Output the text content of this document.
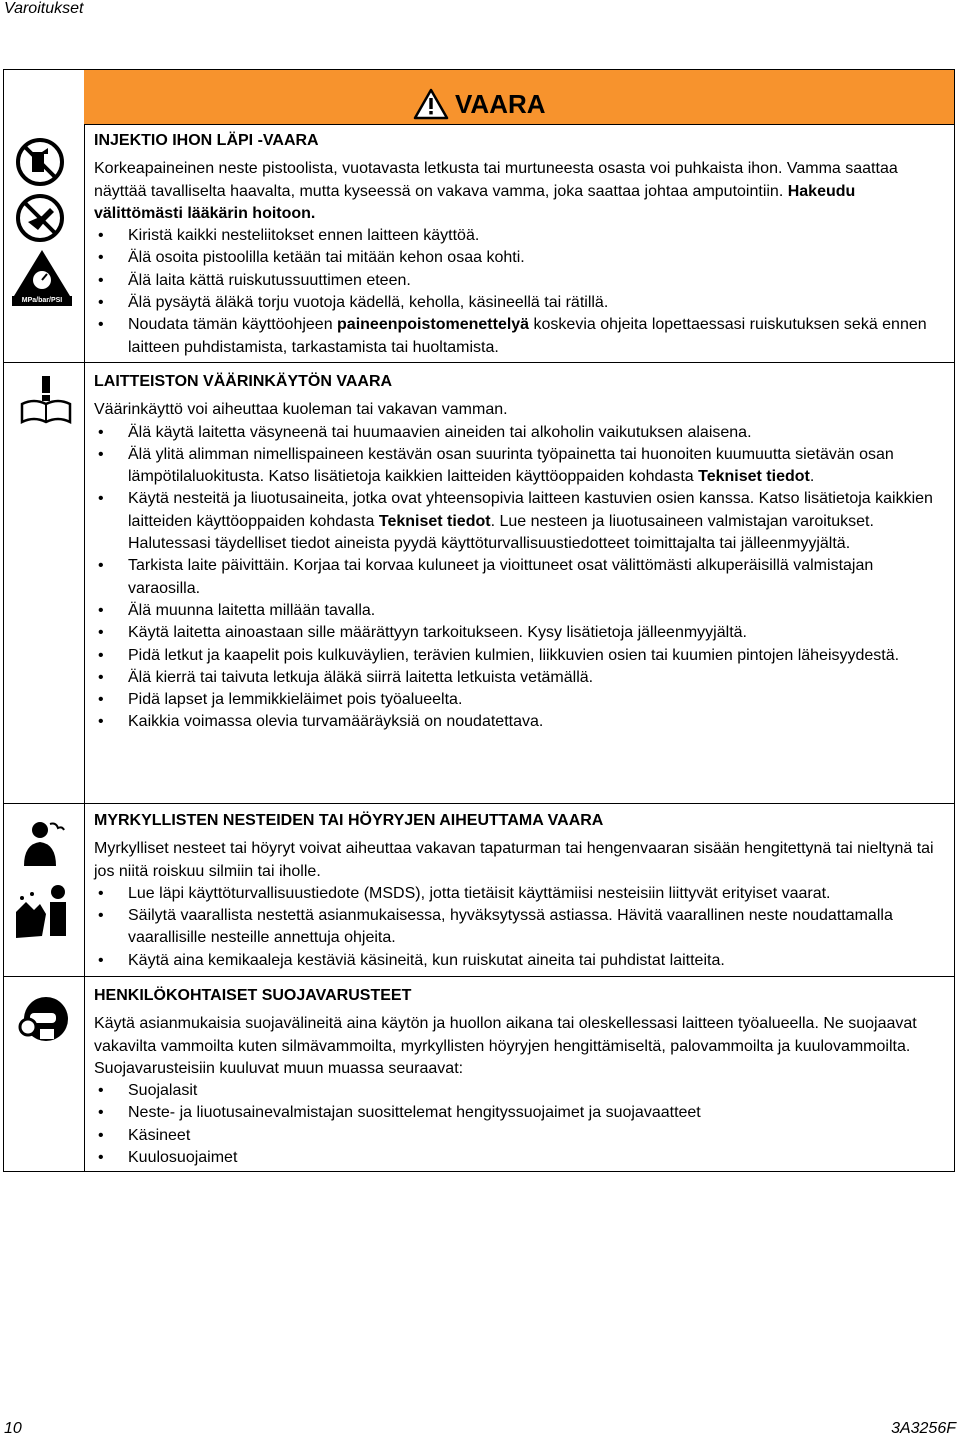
Varoitukset
VAARA
MPa/bar/PSI
INJEKTIO IHON LÄPI -VAARA

Korkeapaineinen neste pistoolista, vuotavasta letkusta tai murtuneesta osasta voi puhkaista ihon. Vamma saattaa näyttää tavalliselta haavalta, mutta kyseessä on vakava vamma, joka saattaa johtaa amputointiin. Hakeudu välittömästi lääkärin hoitoon.

• Kiristä kaikki nesteliitokset ennen laitteen käyttöä.
• Älä osoita pistoolilla ketään tai mitään kehon osaa kohti.
• Älä laita kättä ruiskutussuuttimen eteen.
• Älä pysäytä äläkä torju vuotoja kädellä, keholla, käsineellä tai rätillä.
• Noudata tämän käyttöohjeen paineenpoistomenettelyä koskevia ohjeita lopettaessasi ruiskutuksen sekä ennen laitteen puhdistamista, tarkastamista tai huoltamista.
LAITTEISTON VÄÄRINKÄYTÖN VAARA

Väärinkäyttö voi aiheuttaa kuoleman tai vakavan vamman.

• Älä käytä laitetta väsyneenä tai huumaavien aineiden tai alkoholin vaikutuksen alaisena.
• Älä ylitä alimman nimellispaineen kestävän osan suurinta työpainetta tai huonoiten kuumuutta sietävän osan lämpötilaluokitusta. Katso lisätietoja kaikkien laitteiden käyttöoppaiden kohdasta Tekniset tiedot.
• Käytä nesteitä ja liuotusaineita, jotka ovat yhteensopivia laitteen kastuvien osien kanssa. Katso lisätietoja kaikkien laitteiden käyttöoppaiden kohdasta Tekniset tiedot. Lue nesteen ja liuotusaineen valmistajan varoitukset. Halutessasi täydelliset tiedot aineista pyydä käyttöturvallisuustiedotteet toimittajalta tai jälleenmyyjältä.
• Tarkista laite päivittäin. Korjaa tai korvaa kuluneet ja vioittuneet osat välittömästi alkuperäisillä valmistajan varaosilla.
• Älä muunna laitetta millään tavalla.
• Käytä laitetta ainoastaan sille määrättyyn tarkoitukseen. Kysy lisätietoja jälleenmyyjältä.
• Pidä letkut ja kaapelit pois kulkuväylien, terävien kulmien, liikkuvien osien tai kuumien pintojen läheisyydestä.
• Älä kierrä tai taivuta letkuja äläkä siirrä laitetta letkuista vetämällä.
• Pidä lapset ja lemmikkieläimet pois työalueelta.
• Kaikkia voimassa olevia turvamääräyksiä on noudatettava.
MYRKYLLISTEN NESTEIDEN TAI HÖYRYJEN AIHEUTTAMA VAARA

Myrkylliset nesteet tai höyryt voivat aiheuttaa vakavan tapaturman tai hengenvaaran sisään hengitettynä tai nieltynä tai jos niitä roiskuu silmiin tai iholle.

• Lue läpi käyttöturvallisuustiedote (MSDS), jotta tietäisit käyttämiisi nesteisiin liittyvät erityiset vaarat.
• Säilytä vaarallista nestettä asianmukaisessa, hyväksytyssä astiassa. Hävitä vaarallinen neste noudattamalla vaarallisille nesteille annettuja ohjeita.
• Käytä aina kemikaaleja kestäviä käsineitä, kun ruiskutat aineita tai puhdistat laitteita.
HENKILÖKOHTAISET SUOJAVARUSTEET

Käytä asianmukaisia suojavälineitä aina käytön ja huollon aikana tai oleskellessasi laitteen työalueella. Ne suojaavat vakavilta vammoilta kuten silmävammoilta, myrkyllisten höyryjen hengittämiseltä, palovammoilta ja kuulovammoilta. Suojavarusteisiin kuuluvat muun muassa seuraavat:

• Suojalasit
• Neste- ja liuotusainevalmistajan suosittelemat hengityssuojaimet ja suojavaatteet
• Käsineet
• Kuulosuojaimet
10	3A3256F
